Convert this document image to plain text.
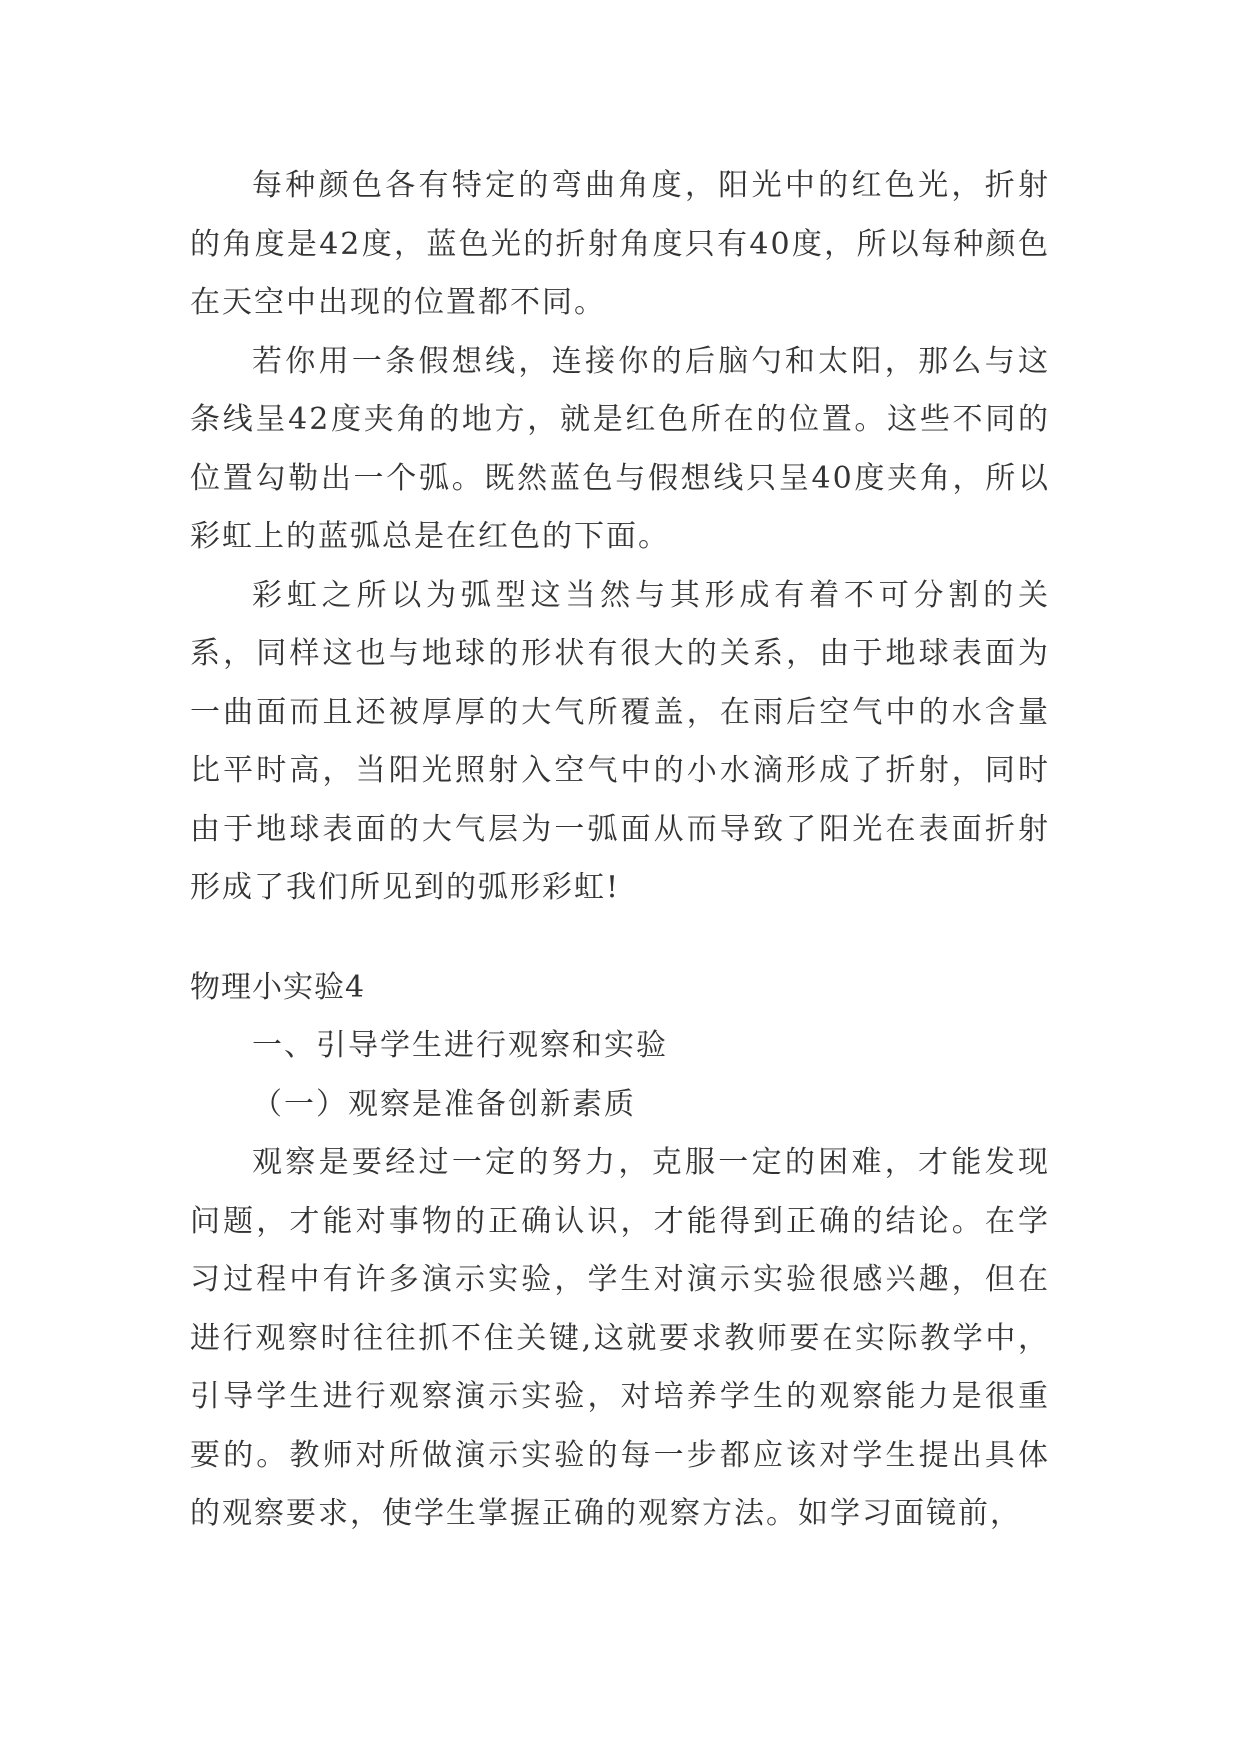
每种颜色各有特定的弯曲角度，阳光中的红色光，折射的角度是42度，蓝色光的折射角度只有40度，所以每种颜色在天空中出现的位置都不同。

若你用一条假想线，连接你的后脑勺和太阳，那么与这条线呈42度夹角的地方，就是红色所在的位置。这些不同的位置勾勒出一个弧。既然蓝色与假想线只呈40度夹角，所以彩虹上的蓝弧总是在红色的下面。

彩虹之所以为弧型这当然与其形成有着不可分割的关系，同样这也与地球的形状有很大的关系，由于地球表面为一曲面而且还被厚厚的大气所覆盖，在雨后空气中的水含量比平时高，当阳光照射入空气中的小水滴形成了折射，同时由于地球表面的大气层为一弧面从而导致了阳光在表面折射形成了我们所见到的弧形彩虹!

物理小实验4

一、引导学生进行观察和实验

（一）观察是准备创新素质

观察是要经过一定的努力，克服一定的困难，才能发现问题，才能对事物的正确认识，才能得到正确的结论。在学习过程中有许多演示实验，学生对演示实验很感兴趣，但在进行观察时往往抓不住关键,这就要求教师要在实际教学中，引导学生进行观察演示实验，对培养学生的观察能力是很重要的。教师对所做演示实验的每一步都应该对学生提出具体的观察要求，使学生掌握正确的观察方法。如学习面镜前，
